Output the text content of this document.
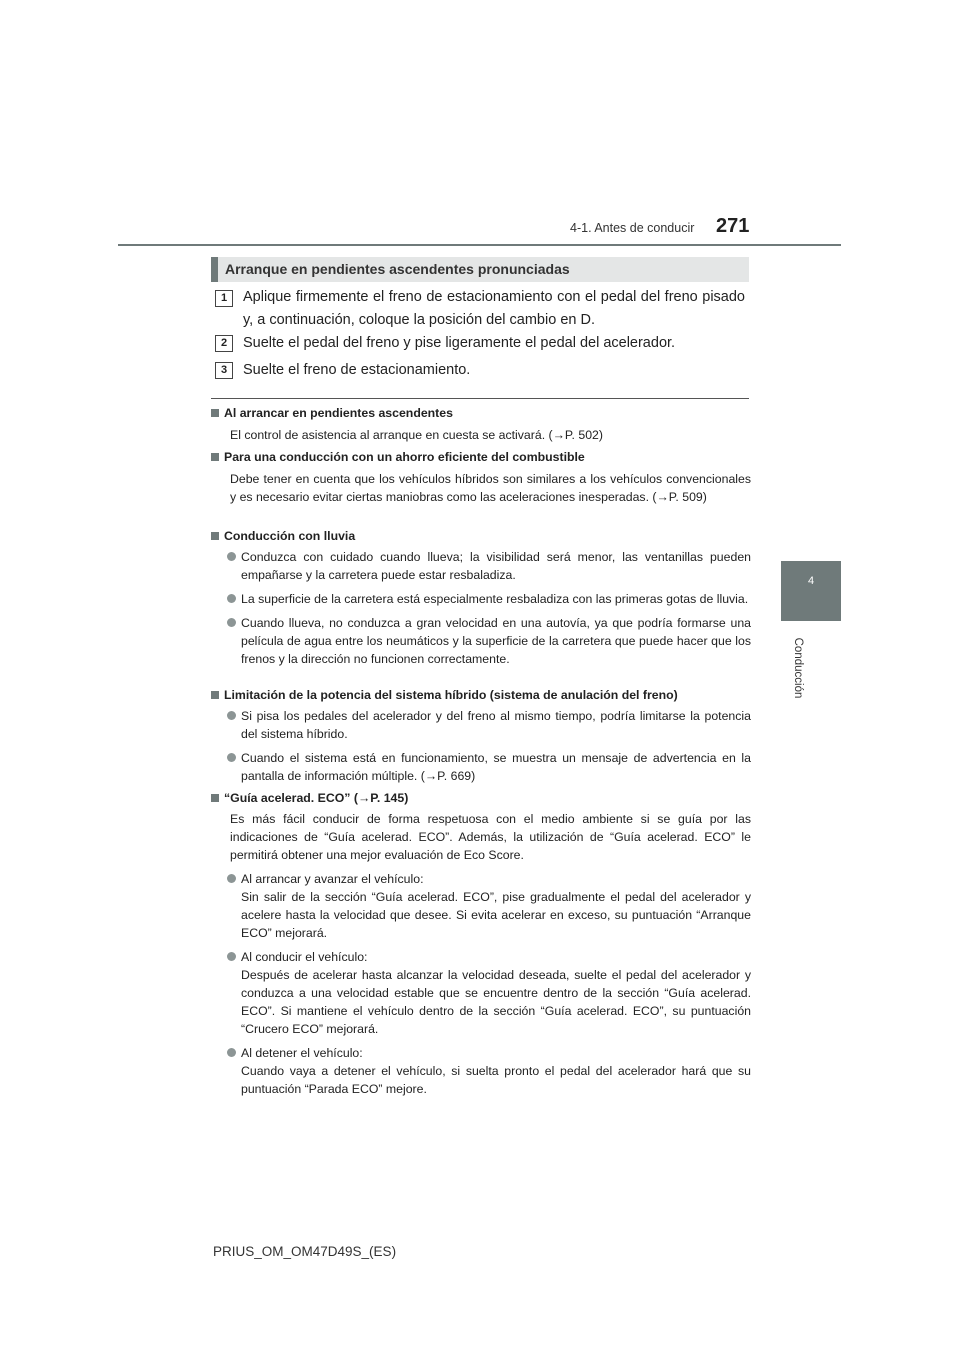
4-1. Antes de conducir 271
4
Conducción
Arranque en pendientes ascendentes pronunciadas
1	Aplique firmemente el freno de estacionamiento con el pedal del freno pisado y, a continuación, coloque la posición del cambio en D.
2	Suelte el pedal del freno y pise ligeramente el pedal del acelerador.
3	Suelte el freno de estacionamiento.
Al arrancar en pendientes ascendentes
El control de asistencia al arranque en cuesta se activará. (→P. 502)
Para una conducción con un ahorro eficiente del combustible
Debe tener en cuenta que los vehículos híbridos son similares a los vehículos convencionales y es necesario evitar ciertas maniobras como las aceleraciones inesperadas. (→P. 509)
Conducción con lluvia
Conduzca con cuidado cuando llueva; la visibilidad será menor, las ventanillas pueden empañarse y la carretera puede estar resbaladiza.
La superficie de la carretera está especialmente resbaladiza con las primeras gotas de lluvia.
Cuando llueva, no conduzca a gran velocidad en una autovía, ya que podría formarse una película de agua entre los neumáticos y la superficie de la carretera que puede hacer que los frenos y la dirección no funcionen correctamente.
Limitación de la potencia del sistema híbrido (sistema de anulación del freno)
Si pisa los pedales del acelerador y del freno al mismo tiempo, podría limitarse la potencia del sistema híbrido.
Cuando el sistema está en funcionamiento, se muestra un mensaje de advertencia en la pantalla de información múltiple. (→P. 669)
“Guía acelerad. ECO” (→P. 145)
Es más fácil conducir de forma respetuosa con el medio ambiente si se guía por las indicaciones de “Guía acelerad. ECO”. Además, la utilización de “Guía acelerad. ECO” le permitirá obtener una mejor evaluación de Eco Score.
Al arrancar y avanzar el vehículo:
Sin salir de la sección “Guía acelerad. ECO”, pise gradualmente el pedal del acelerador y acelere hasta la velocidad que desee. Si evita acelerar en exceso, su puntuación “Arranque ECO” mejorará.
Al conducir el vehículo:
Después de acelerar hasta alcanzar la velocidad deseada, suelte el pedal del acelerador y conduzca a una velocidad estable que se encuentre dentro de la sección “Guía acelerad. ECO”. Si mantiene el vehículo dentro de la sección “Guía acelerad. ECO”, su puntuación “Crucero ECO” mejorará.
Al detener el vehículo:
Cuando vaya a detener el vehículo, si suelta pronto el pedal del acelerador hará que su puntuación “Parada ECO” mejore.
PRIUS_OM_OM47D49S_(ES)
